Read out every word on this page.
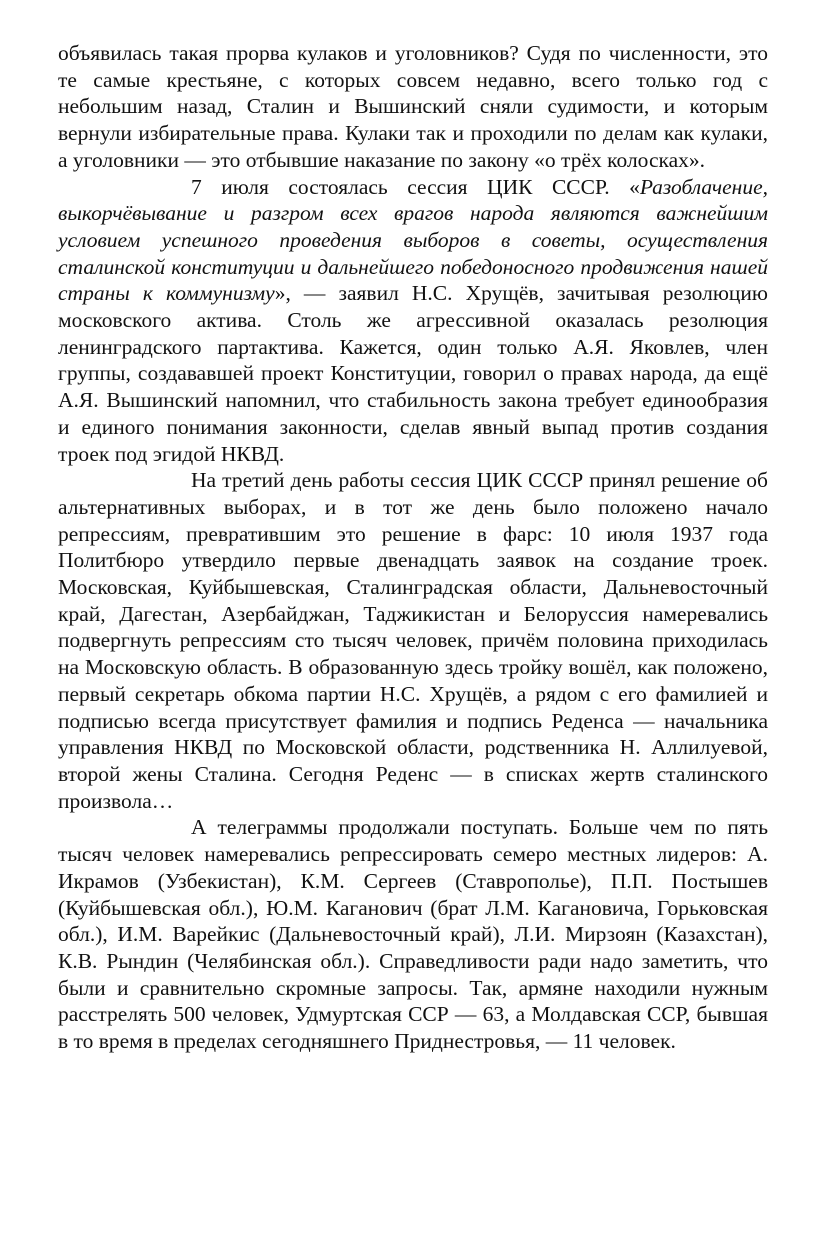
объявилась такая прорва кулаков и уголовников? Судя по численности, это те самые крестьяне, с которых совсем недавно, всего только год с небольшим назад, Сталин и Вышинский сняли судимости, и которым вернули избирательные права. Кулаки так и проходили по делам как кулаки, а уголовники — это отбывшие наказание по закону «о трёх колосках».

7 июля состоялась сессия ЦИК СССР. «Разоблачение, выкорчёвывание и разгром всех врагов народа являются важнейшим условием успешного проведения выборов в советы, осуществления сталинской конституции и дальнейшего победоносного продвижения нашей страны к коммунизму», — заявил Н.С. Хрущёв, зачитывая резолюцию московского актива. Столь же агрессивной оказалась резолюция ленинградского партактива. Кажется, один только А.Я. Яковлев, член группы, создававшей проект Конституции, говорил о правах народа, да ещё А.Я. Вышинский напомнил, что стабильность закона требует единообразия и единого понимания законности, сделав явный выпад против создания троек под эгидой НКВД.

На третий день работы сессия ЦИК СССР принял решение об альтернативных выборах, и в тот же день было положено начало репрессиям, превратившим это решение в фарс: 10 июля 1937 года Политбюро утвердило первые двенадцать заявок на создание троек. Московская, Куйбышевская, Сталинградская области, Дальневосточный край, Дагестан, Азербайджан, Таджикистан и Белоруссия намеревались подвергнуть репрессиям сто тысяч человек, причём половина приходилась на Московскую область. В образованную здесь тройку вошёл, как положено, первый секретарь обкома партии Н.С. Хрущёв, а рядом с его фамилией и подписью всегда присутствует фамилия и подпись Реденса — начальника управления НКВД по Московской области, родственника Н. Аллилуевой, второй жены Сталина. Сегодня Реденс — в списках жертв сталинского произвола…

А телеграммы продолжали поступать. Больше чем по пять тысяч человек намеревались репрессировать семеро местных лидеров: А. Икрамов (Узбекистан), К.М. Сергеев (Ставрополье), П.П. Постышев (Куйбышевская обл.), Ю.М. Каганович (брат Л.М. Кагановича, Горьковская обл.), И.М. Варейкис (Дальневосточный край), Л.И. Мирзоян (Казахстан), К.В. Рындин (Челябинская обл.). Справедливости ради надо заметить, что были и сравнительно скромные запросы. Так, армяне находили нужным расстрелять 500 человек, Удмуртская ССР — 63, а Молдавская ССР, бывшая в то время в пределах сегодняшнего Приднестровья, — 11 человек.
